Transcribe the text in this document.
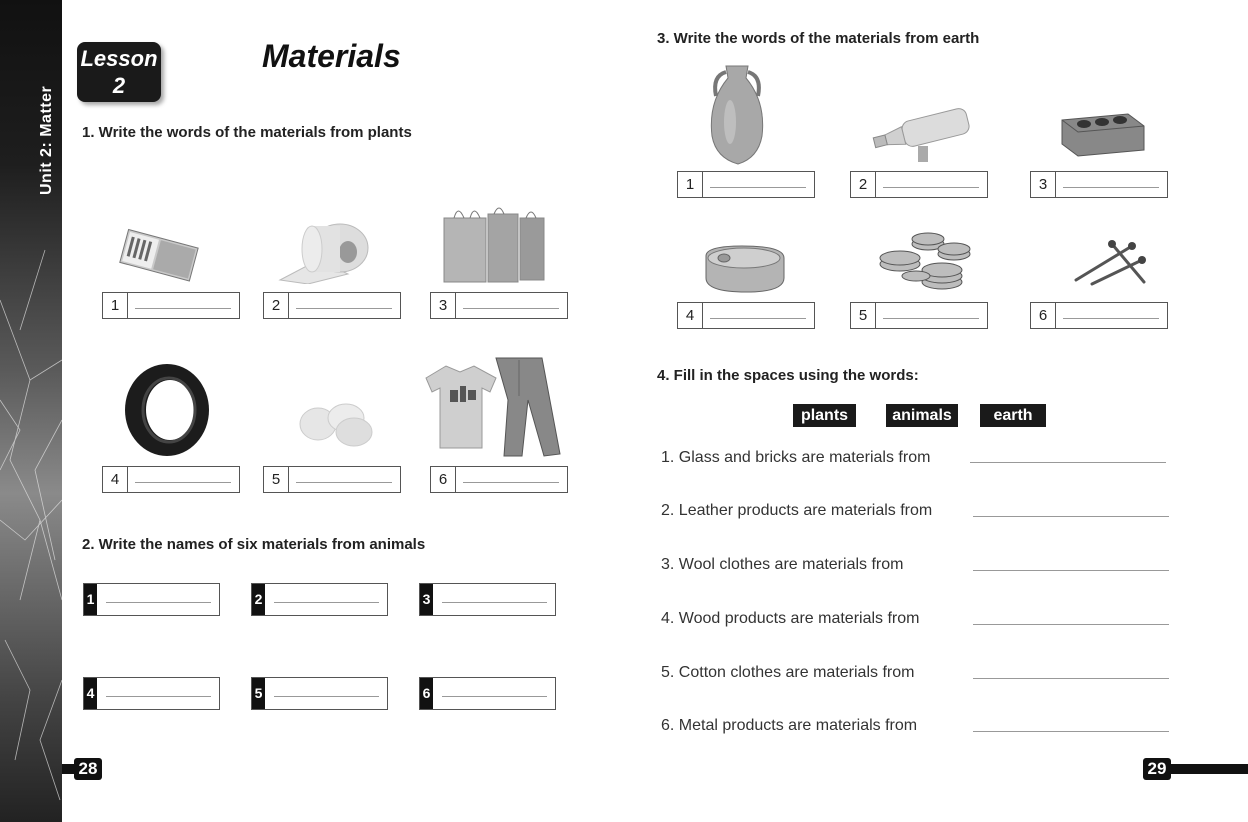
Unit 2: Matter
Lesson
2
Materials
1. Write the words of the materials from plants
1	2	3
4	5	6
2. Write the names of six materials from animals
1	2	3
4	5	6
28
3. Write the words of the materials from earth
1	2	3
4	5	6
4. Fill in the spaces using the words:
plants	animals	earth
1. Glass and bricks are materials from
2. Leather products are materials from
3. Wool clothes are materials from
4. Wood products are materials from
5. Cotton clothes are materials from
6. Metal products are materials from
29
